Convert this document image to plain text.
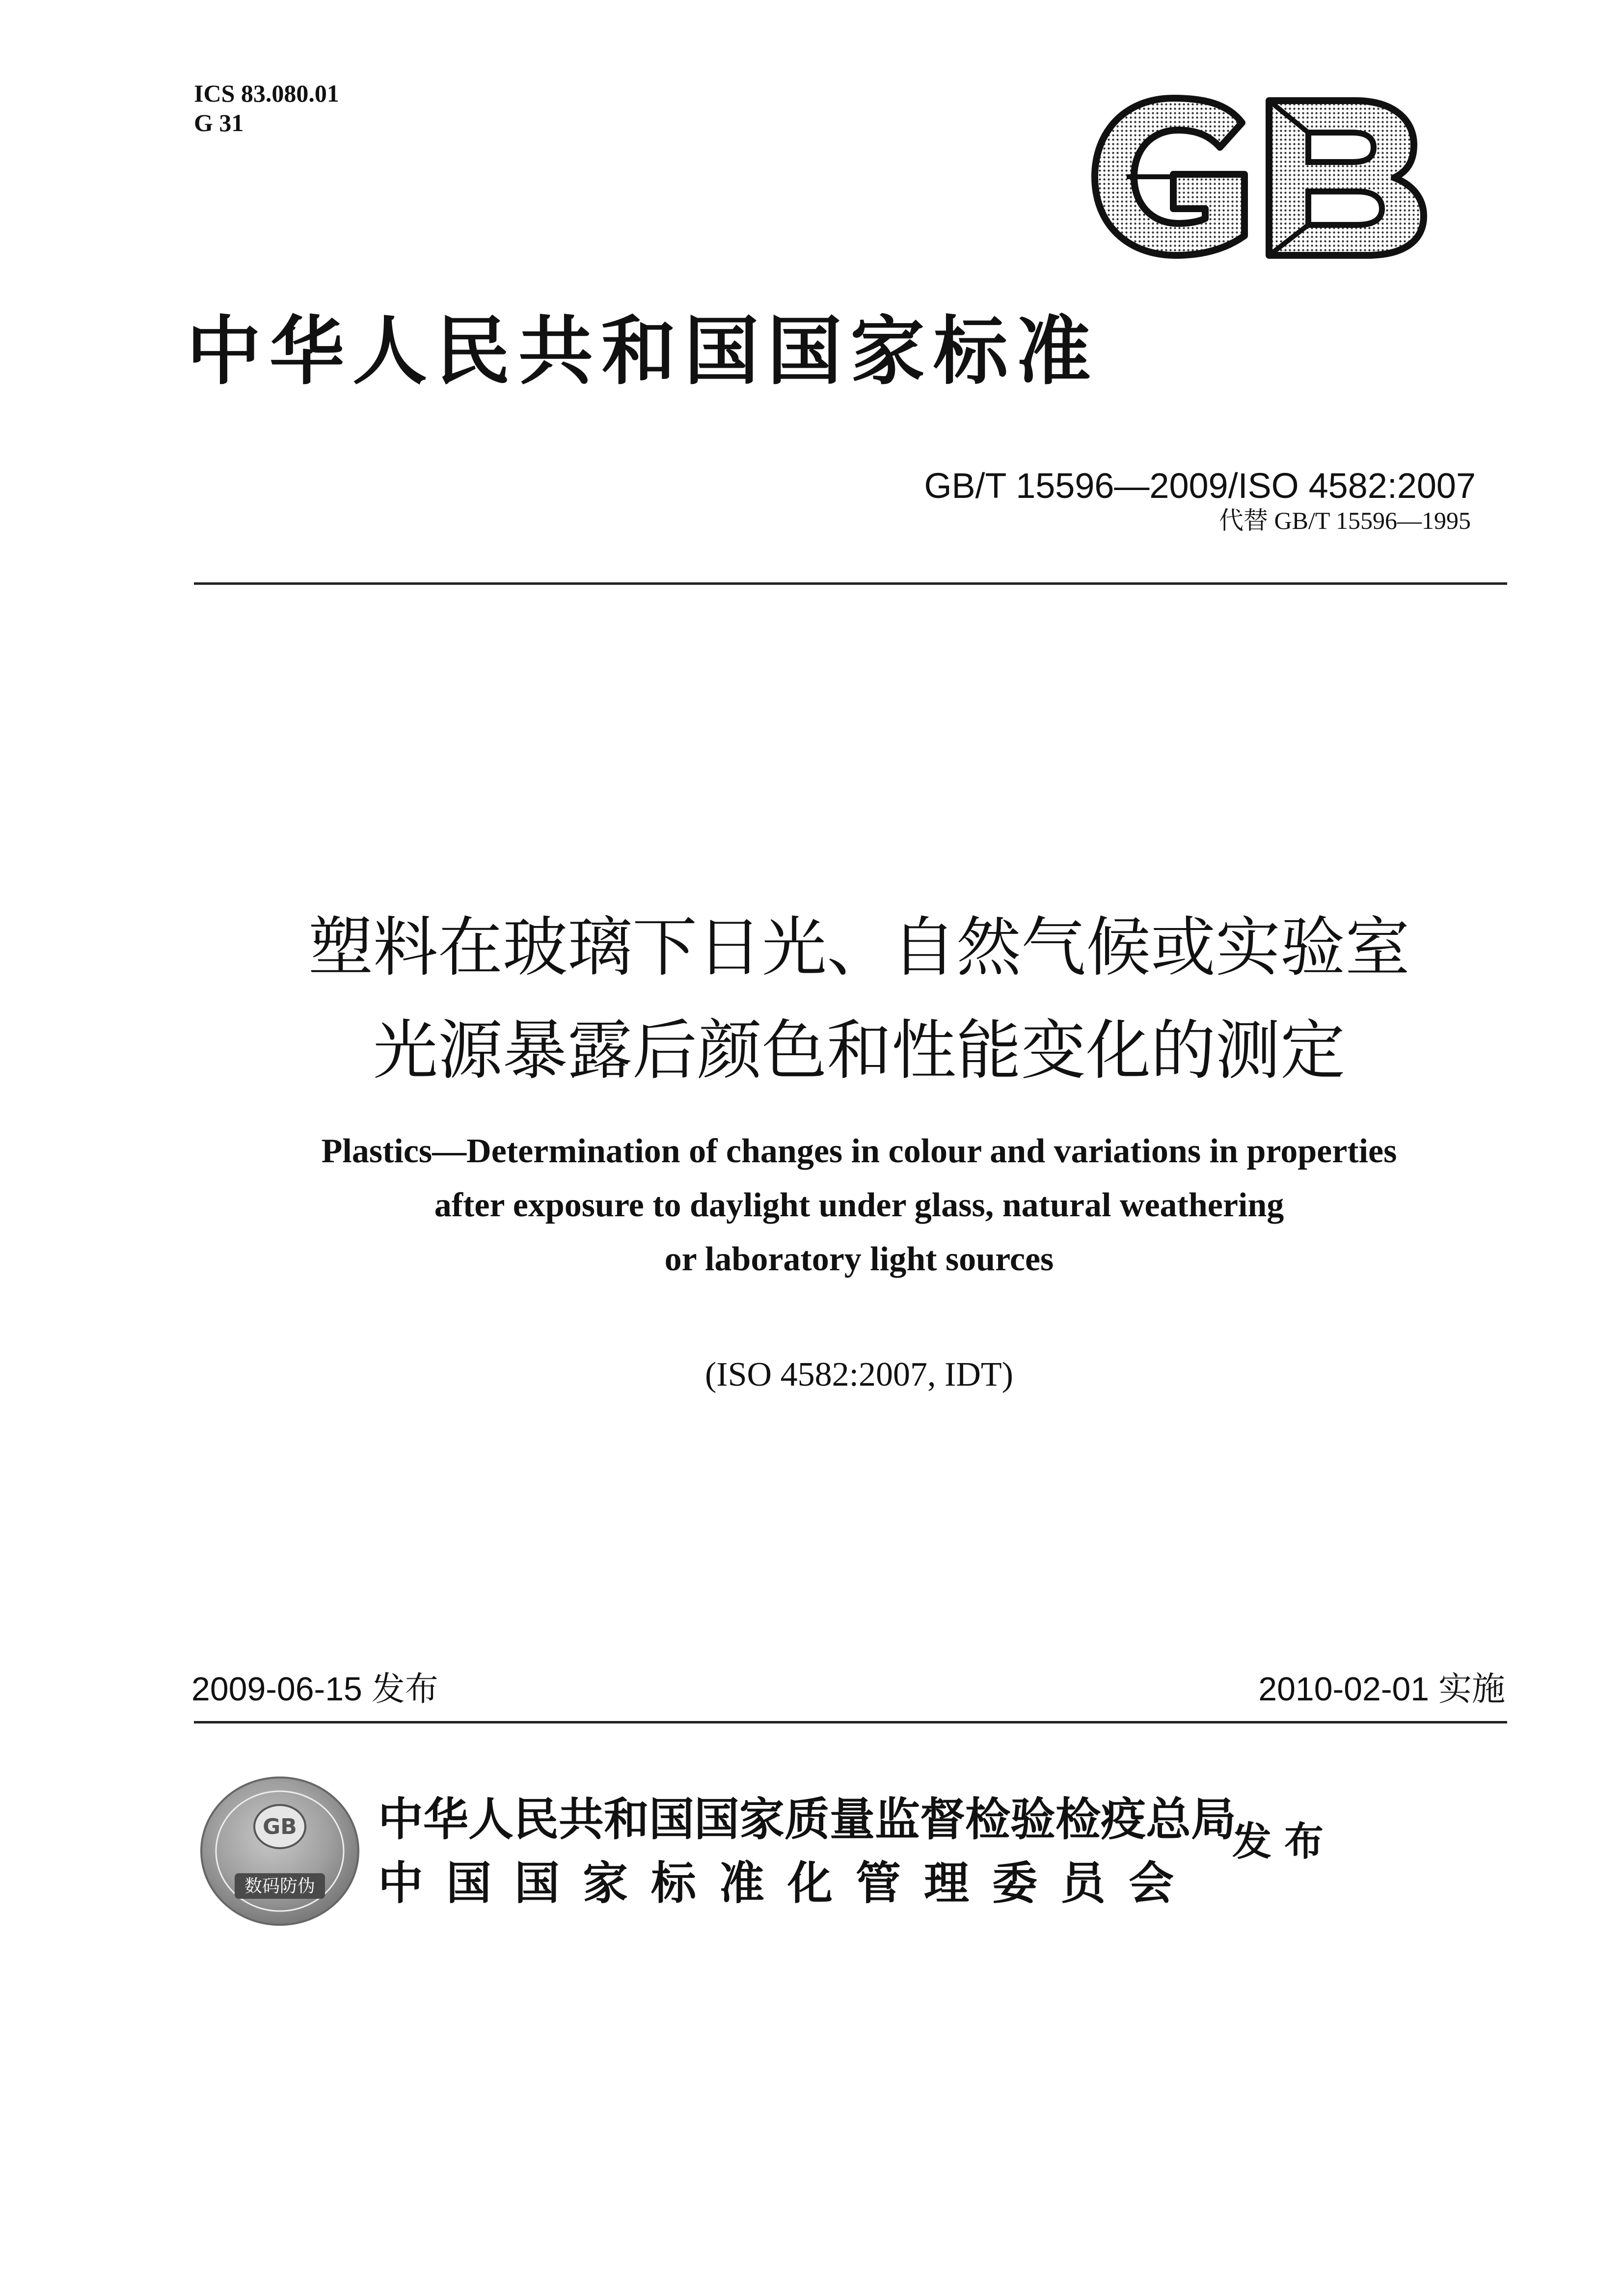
ICS 83.080.01
G 31
中华人民共和国国家标准
GB/T 15596—2009/ISO 4582:2007
代替 GB/T 15596—1995
塑料在玻璃下日光、自然气候或实验室
光源暴露后颜色和性能变化的测定
Plastics—Determination of changes in colour and variations in properties
after exposure to daylight under glass, natural weathering
or laboratory light sources
(ISO 4582:2007, IDT)
2009-06-15 发布	2010-02-01 实施
GB
数码防伪
中华人民共和国国家质量监督检验检疫总局
中国国家标准化管理委员会
发布
